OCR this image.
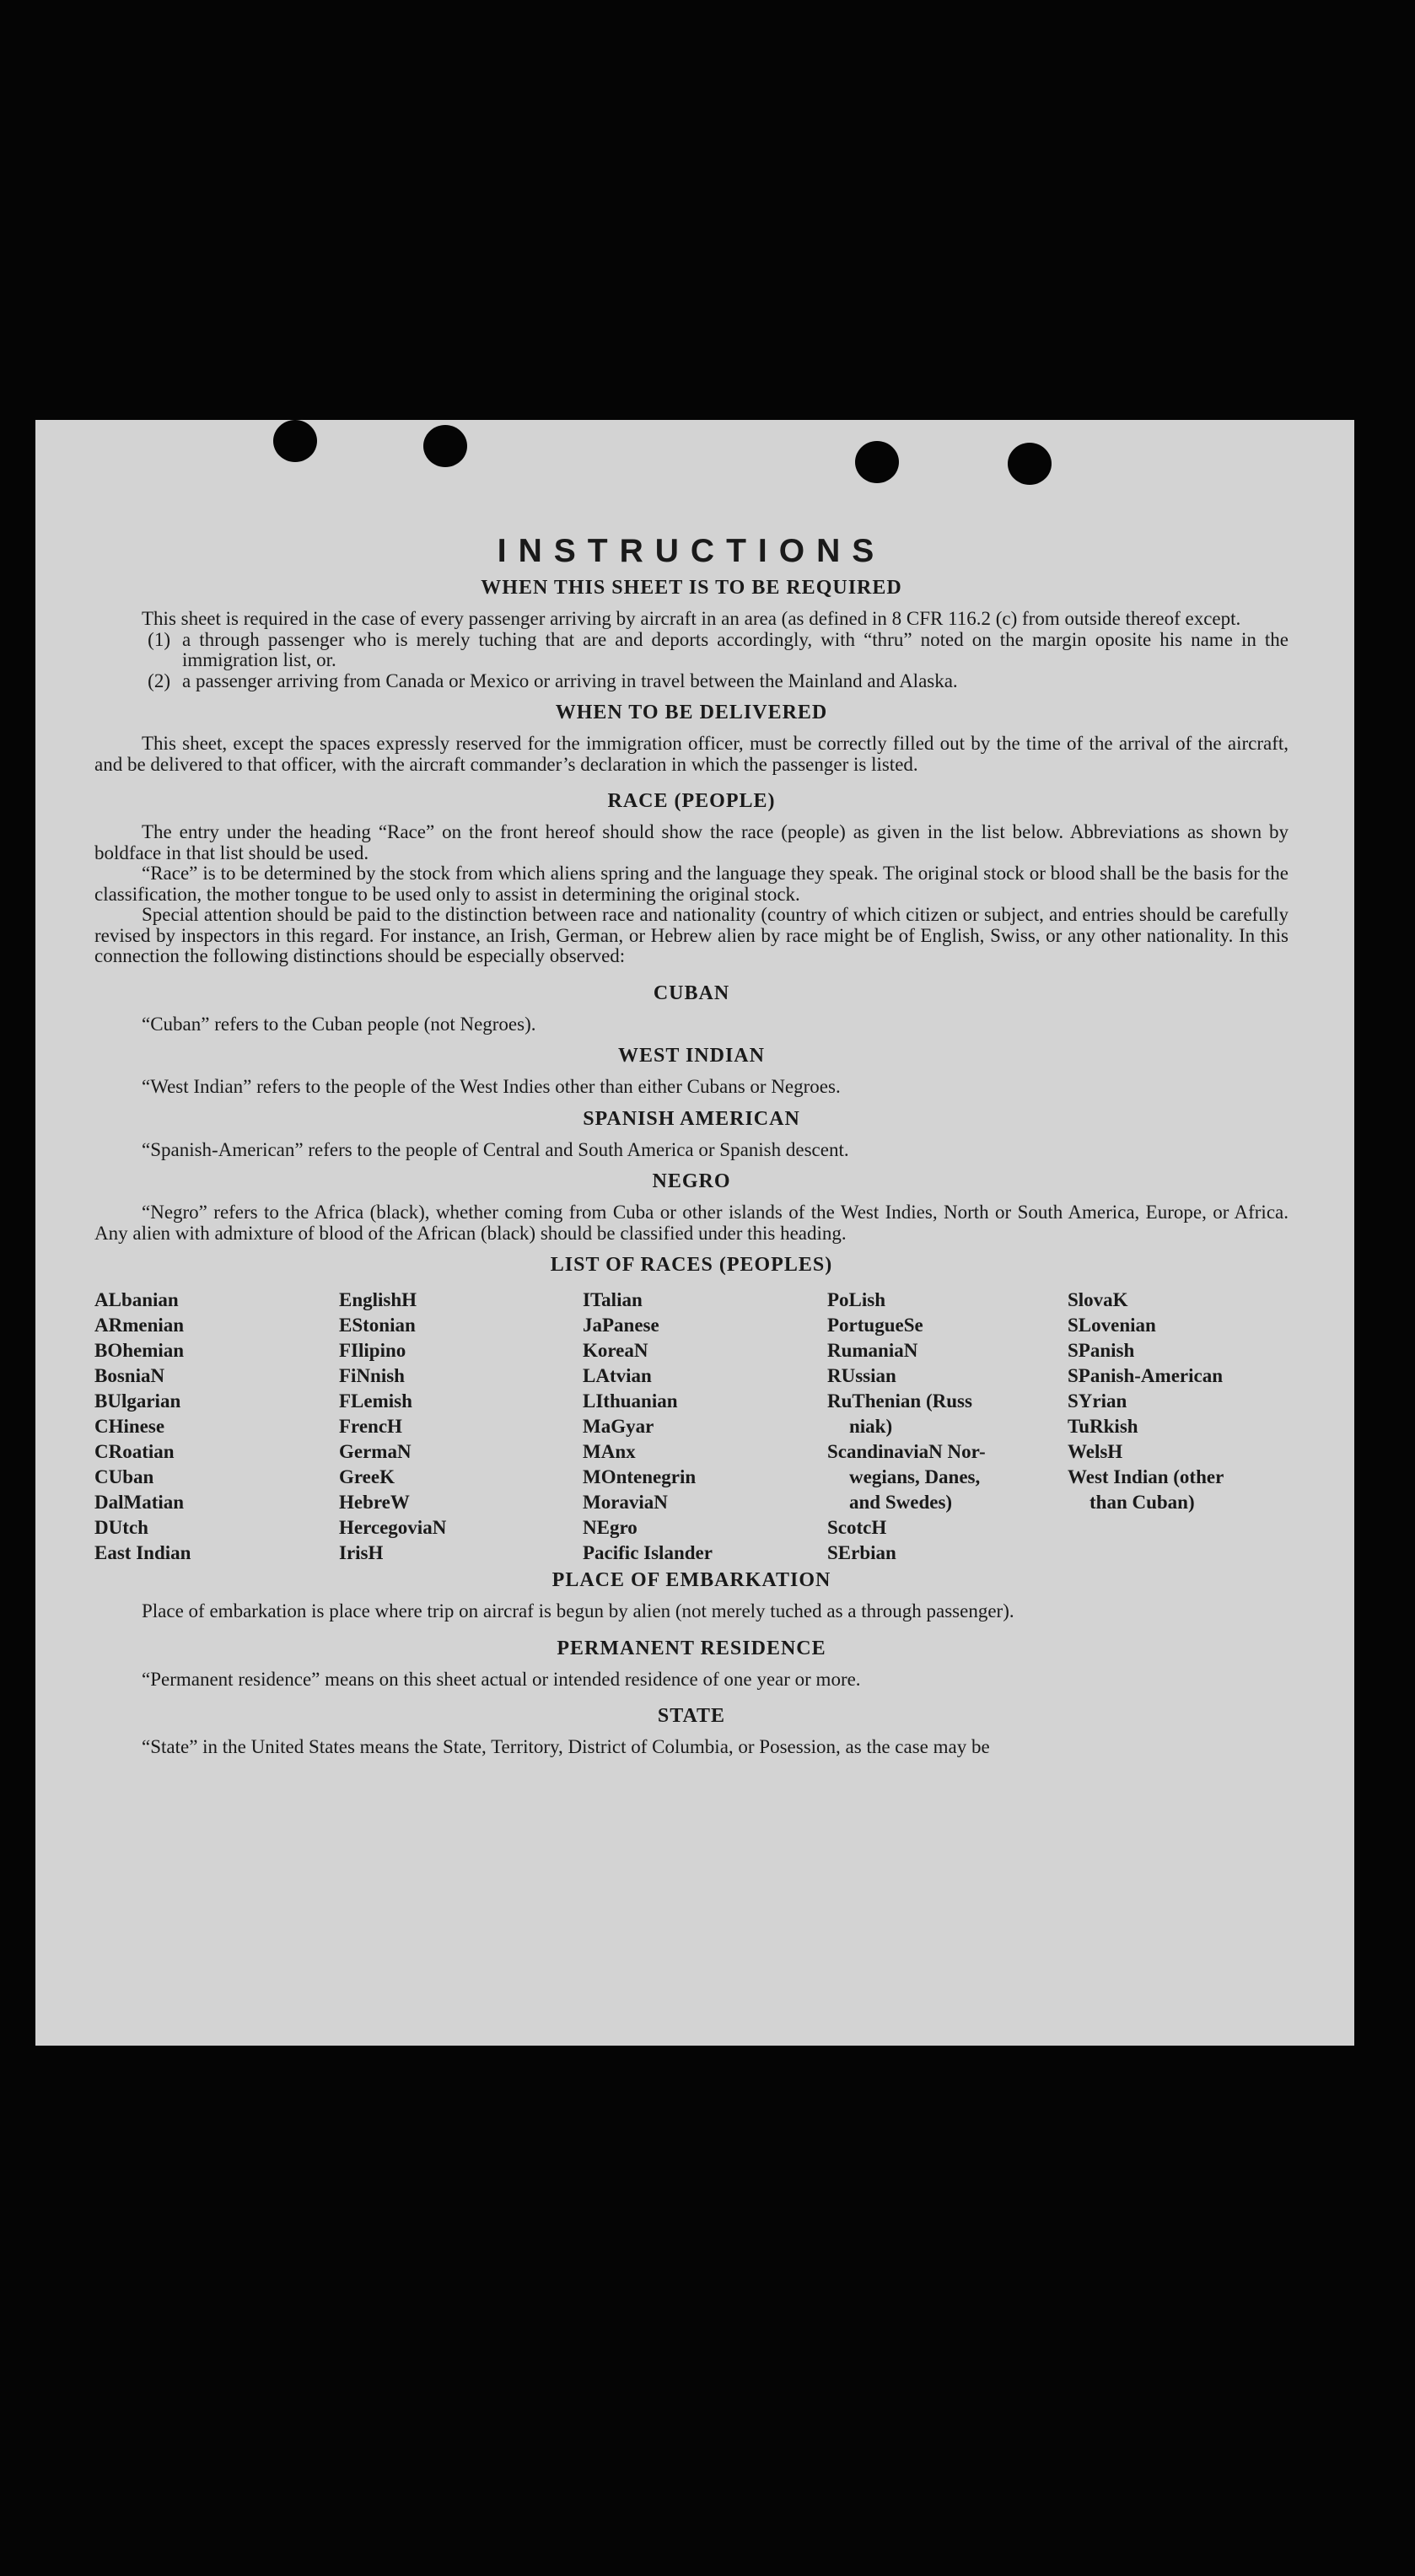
INSTRUCTIONS
WHEN THIS SHEET IS TO BE REQUIRED

This sheet is required in the case of every passenger arriving by aircraft in an area (as defined in 8 CFR 116.2 (c) from outside thereof except.

(1) a through passenger who is merely tuching that are and deports accordingly, with “thru” noted on the margin oposite his name in the immigration list, or.
(2) a passenger arriving from Canada or Mexico or arriving in travel between the Mainland and Alaska.
WHEN TO BE DELIVERED

This sheet, except the spaces expressly reserved for the immigration officer, must be correctly filled out by the time of the arrival of the aircraft, and be delivered to that officer, with the aircraft commander’s declaration in which the passenger is listed.

RACE (PEOPLE)

The entry under the heading “Race” on the front hereof should show the race (people) as given in the list below. Abbreviations as shown by boldface in that list should be used.

“Race” is to be determined by the stock from which aliens spring and the language they speak. The original stock or blood shall be the basis for the classification, the mother tongue to be used only to assist in determining the original stock.

Special attention should be paid to the distinction between race and nationality (country of which citizen or subject, and entries should be carefully revised by inspectors in this regard. For instance, an Irish, German, or Hebrew alien by race might be of English, Swiss, or any other nationality. In this connection the following distinctions should be especially observed:

CUBAN

“Cuban” refers to the Cuban people (not Negroes).

WEST INDIAN

“West Indian” refers to the people of the West Indies other than either Cubans or Negroes.

SPANISH AMERICAN

“Spanish-American” refers to the people of Central and South America or Spanish descent.

NEGRO

“Negro” refers to the Africa (black), whether coming from Cuba or other islands of the West Indies, North or South America, Europe, or Africa. Any alien with admixture of blood of the African (black) should be classified under this heading.

LIST OF RACES (PEOPLES)
ALbanian
ARmenian
BOhemian
BosniaN
BUlgarian
CHinese
CRoatian
CUban
DalMatian
DUtch
East Indian
EnglishH
EStonian
FIlipino
FiNnish
FLemish
FrencH
GermaN
GreeK
HebreW
HercegoviaN
IrisH
ITalian
JaPanese
KoreaN
LAtvian
LIthuanian
MaGyar
MAnx
MOntenegrin
MoraviaN
NEgro
Pacific Islander
PoLish
PortugueSe
RumaniaN
RUssian
RuThenian (Russ
niak)
ScandinaviaN Nor-
wegians, Danes,
and Swedes)
ScotcH
SErbian
SlovaK
SLovenian
SPanish
SPanish-American
SYrian
TuRkish
WelsH
West Indian (other
than Cuban)
PLACE OF EMBARKATION

Place of embarkation is place where trip on aircraf is begun by alien (not merely tuched as a through passenger).

PERMANENT RESIDENCE

“Permanent residence” means on this sheet actual or intended residence of one year or more.

STATE

“State” in the United States means the State, Territory, District of Columbia, or Posession, as the case may be
